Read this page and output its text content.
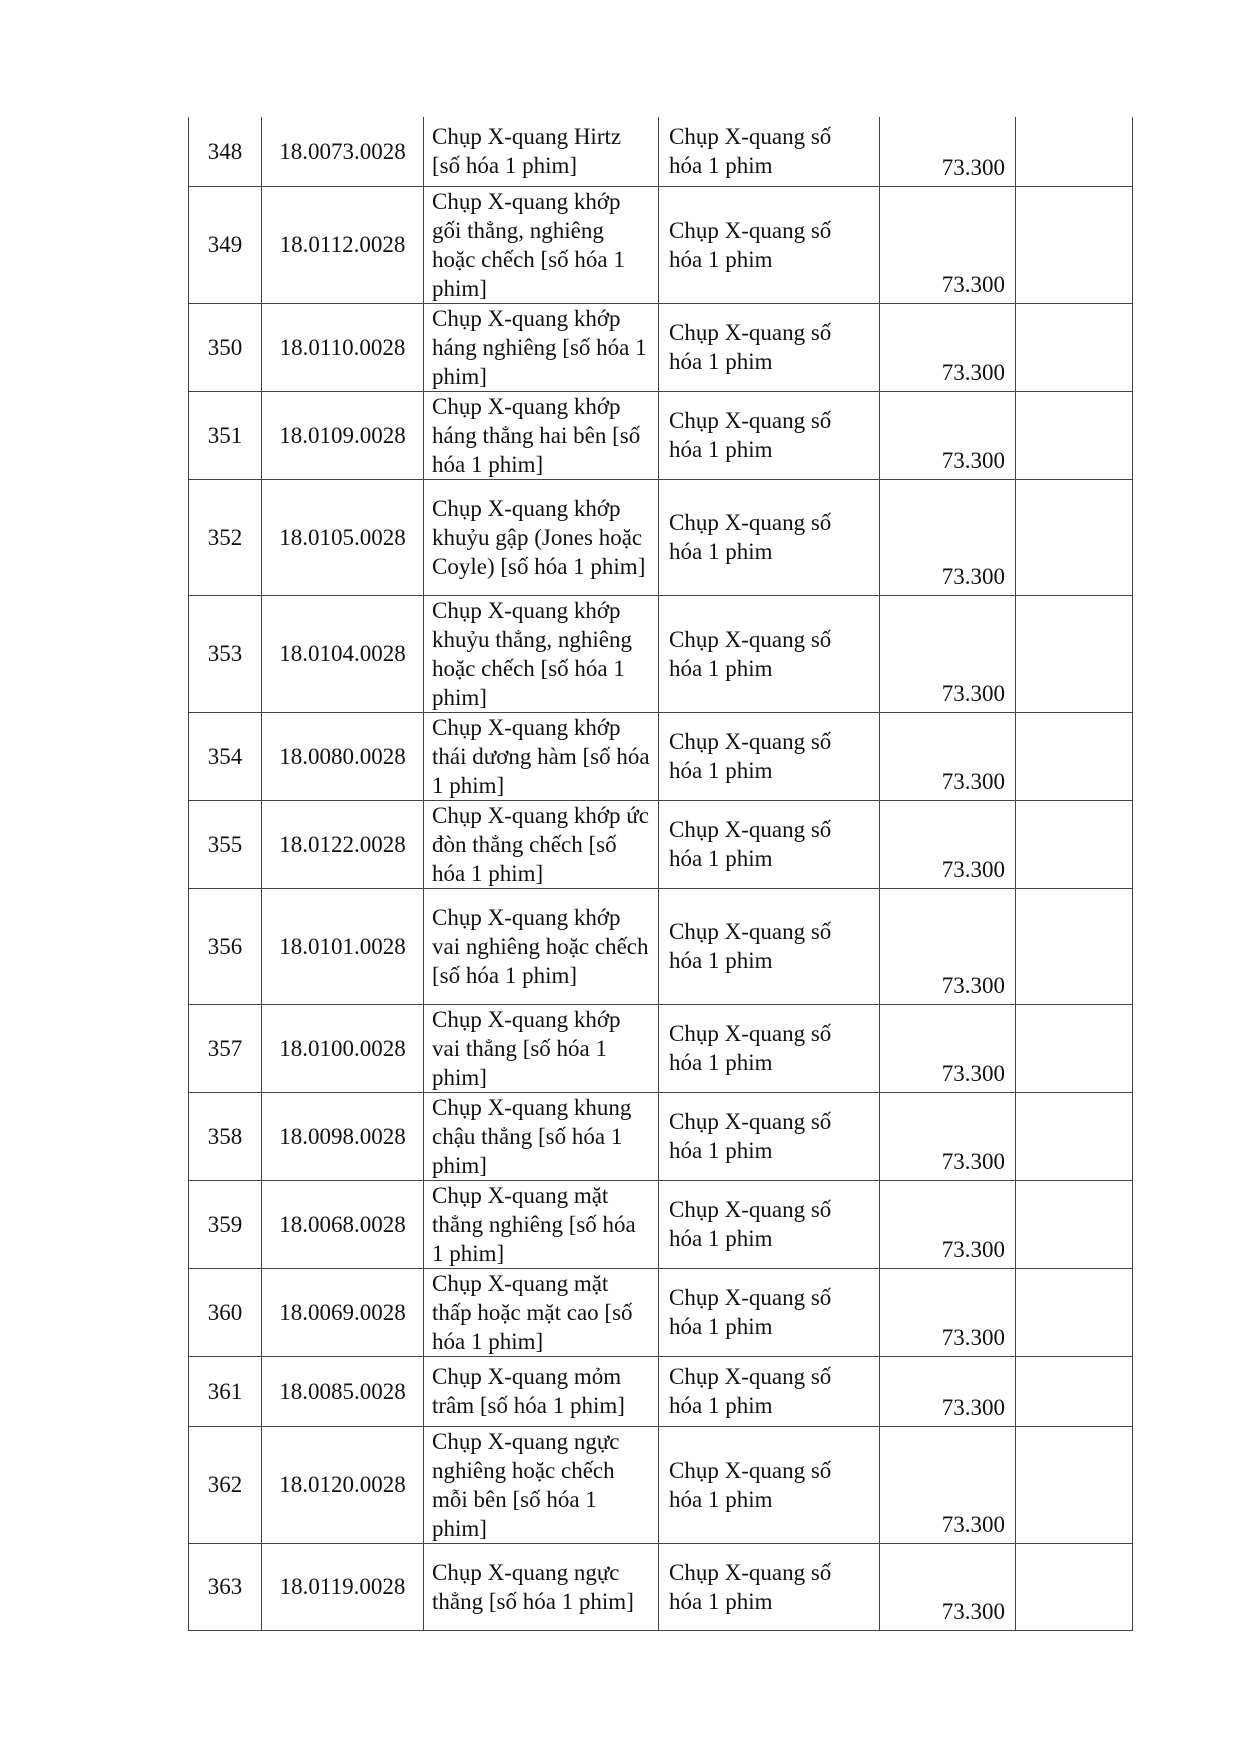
348	18.0073.0028	Chụp X-quang Hirtz [số hóa 1 phim]	Chụp X-quang số hóa 1 phim	73.300	
349	18.0112.0028	Chụp X-quang khớp gối thẳng, nghiêng hoặc chếch [số hóa 1 phim]	Chụp X-quang số hóa 1 phim	73.300	
350	18.0110.0028	Chụp X-quang khớp háng nghiêng [số hóa 1 phim]	Chụp X-quang số hóa 1 phim	73.300	
351	18.0109.0028	Chụp X-quang khớp háng thẳng hai bên [số hóa 1 phim]	Chụp X-quang số hóa 1 phim	73.300	
352	18.0105.0028	Chụp X-quang khớp khuỷu gập (Jones hoặc Coyle) [số hóa 1 phim]	Chụp X-quang số hóa 1 phim	73.300	
353	18.0104.0028	Chụp X-quang khớp khuỷu thẳng, nghiêng hoặc chếch [số hóa 1 phim]	Chụp X-quang số hóa 1 phim	73.300	
354	18.0080.0028	Chụp X-quang khớp thái dương hàm [số hóa 1 phim]	Chụp X-quang số hóa 1 phim	73.300	
355	18.0122.0028	Chụp X-quang khớp ức đòn thẳng chếch [số hóa 1 phim]	Chụp X-quang số hóa 1 phim	73.300	
356	18.0101.0028	Chụp X-quang khớp vai nghiêng hoặc chếch [số hóa 1 phim]	Chụp X-quang số hóa 1 phim	73.300	
357	18.0100.0028	Chụp X-quang khớp vai thẳng [số hóa 1 phim]	Chụp X-quang số hóa 1 phim	73.300	
358	18.0098.0028	Chụp X-quang khung chậu thẳng [số hóa 1 phim]	Chụp X-quang số hóa 1 phim	73.300	
359	18.0068.0028	Chụp X-quang mặt thẳng nghiêng [số hóa 1 phim]	Chụp X-quang số hóa 1 phim	73.300	
360	18.0069.0028	Chụp X-quang mặt thấp hoặc mặt cao [số hóa 1 phim]	Chụp X-quang số hóa 1 phim	73.300	
361	18.0085.0028	Chụp X-quang mỏm trâm [số hóa 1 phim]	Chụp X-quang số hóa 1 phim	73.300	
362	18.0120.0028	Chụp X-quang ngực nghiêng hoặc chếch mỗi bên [số hóa 1 phim]	Chụp X-quang số hóa 1 phim	73.300	
363	18.0119.0028	Chụp X-quang ngực thẳng [số hóa 1 phim]	Chụp X-quang số hóa 1 phim	73.300	
